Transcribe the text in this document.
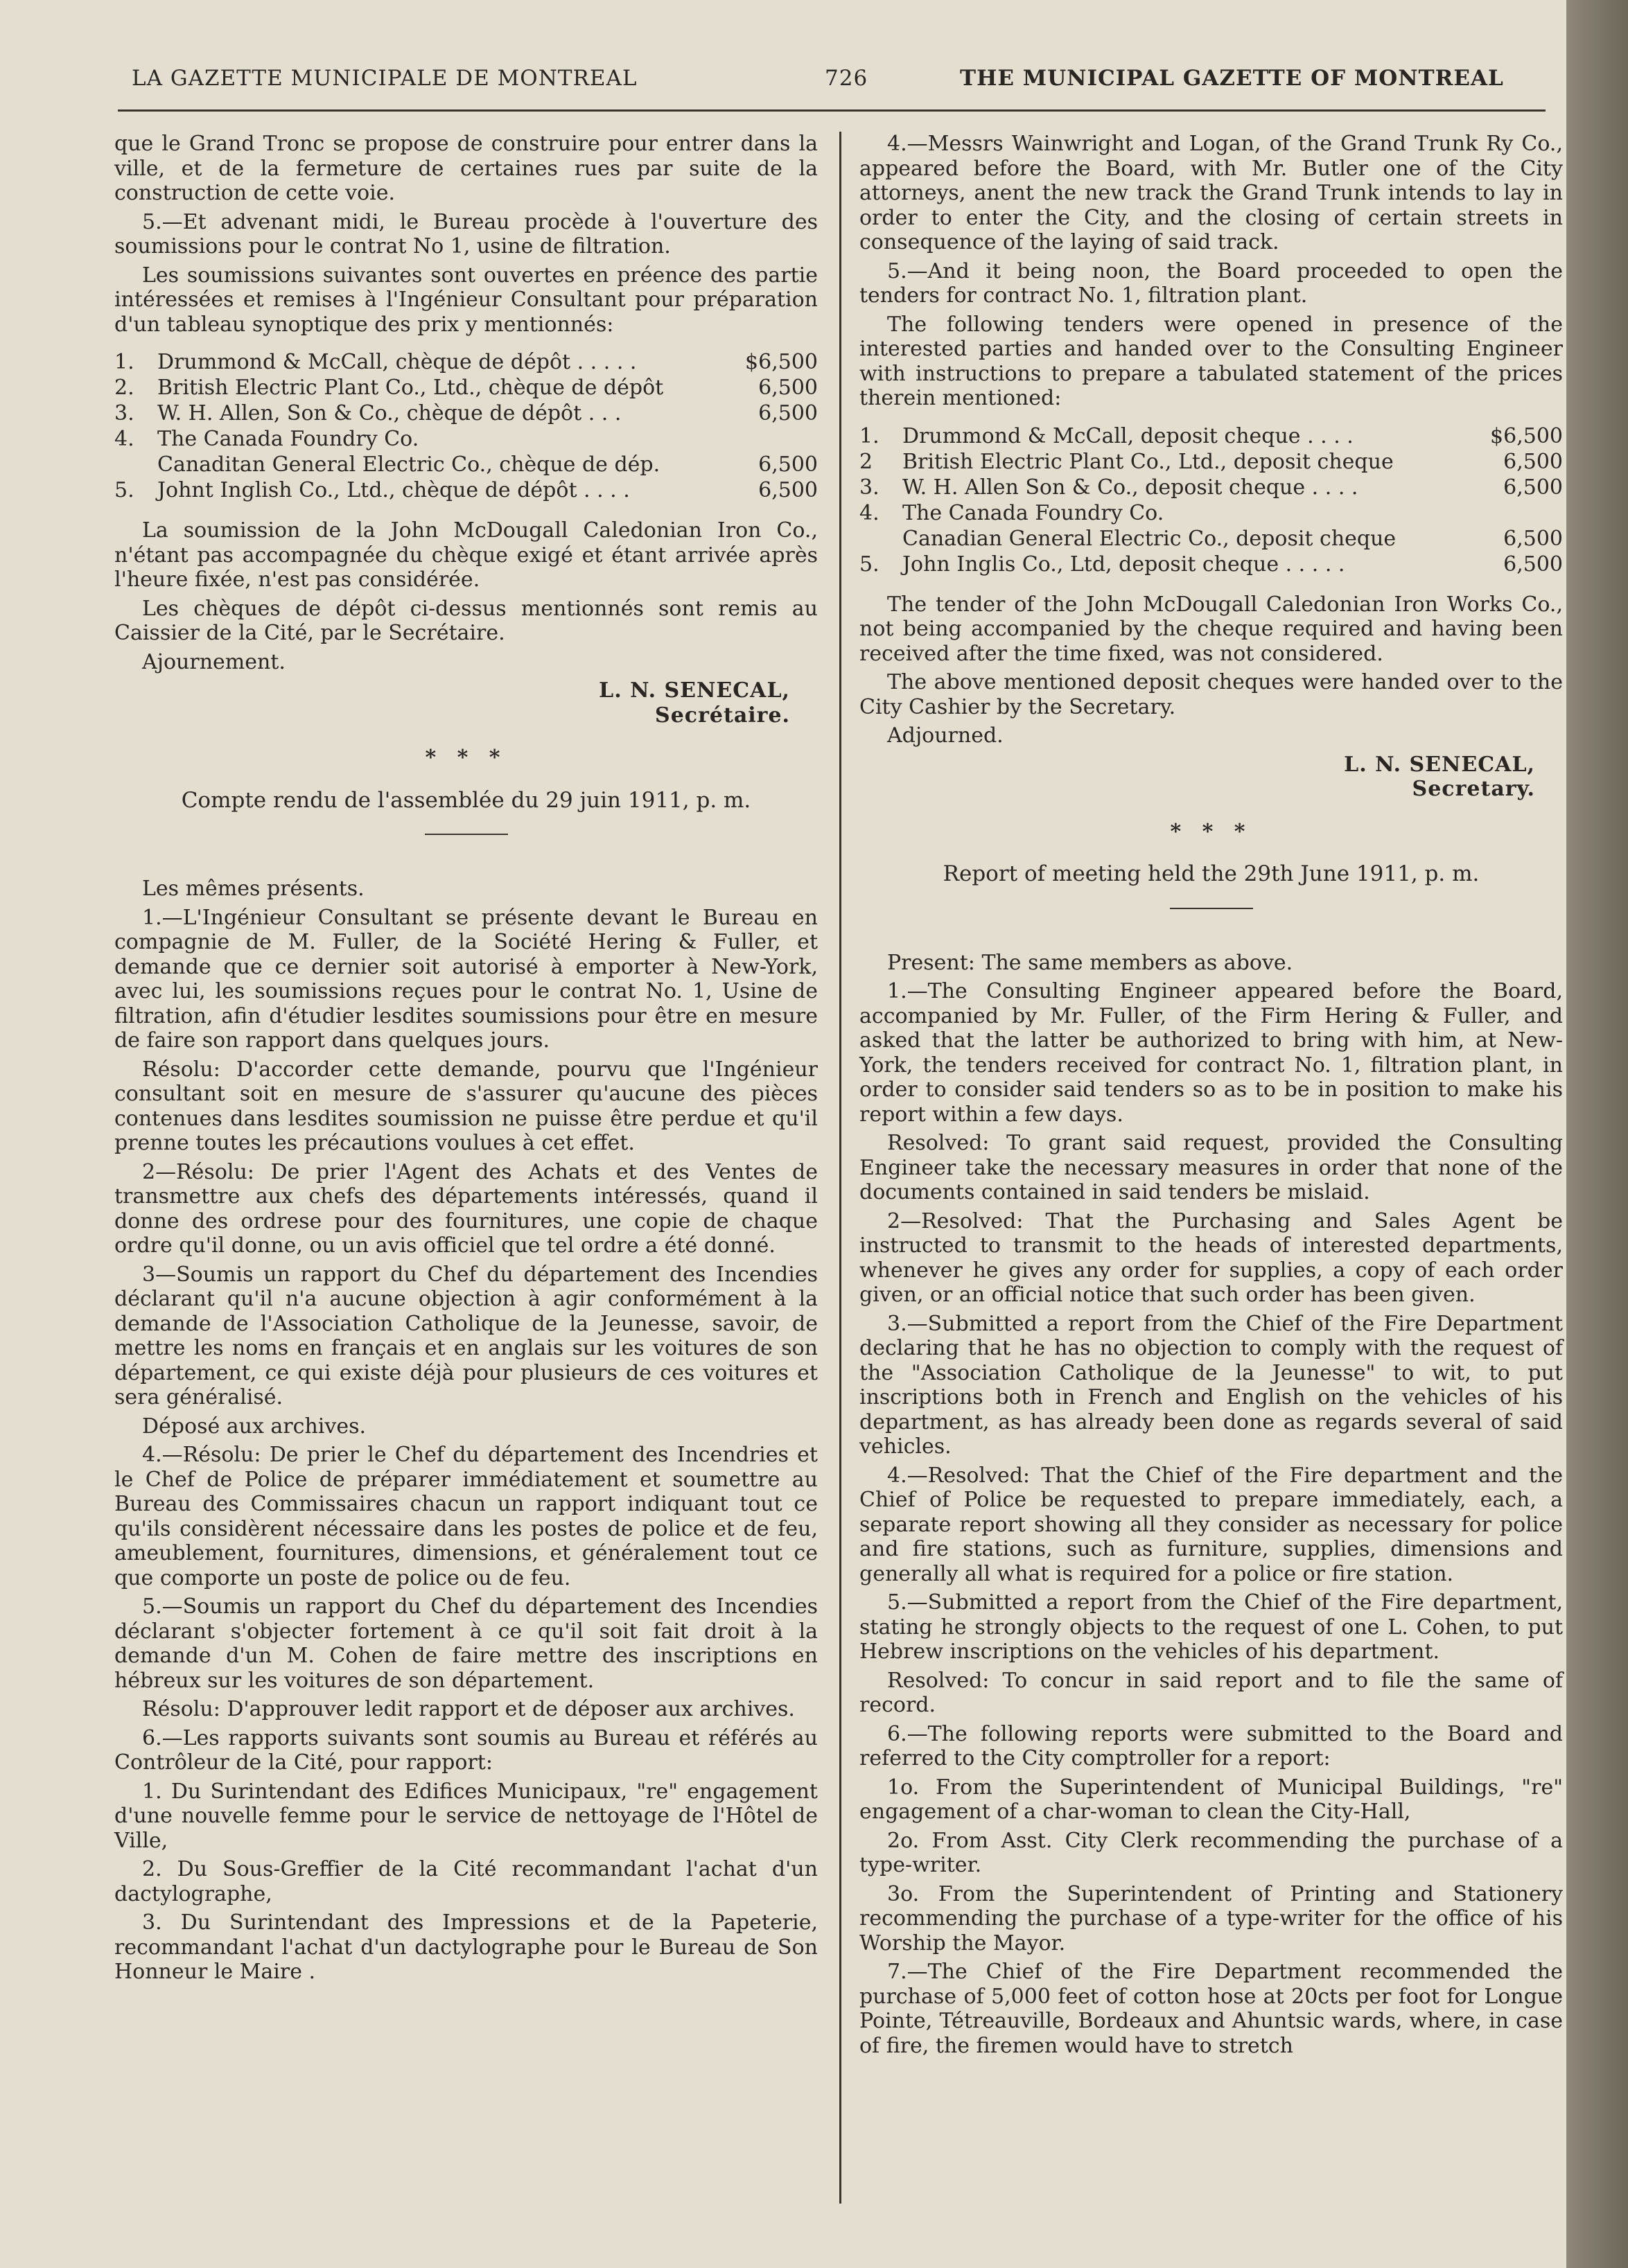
LA GAZETTE MUNICIPALE DE MONTREAL	726	THE MUNICIPAL GAZETTE OF MONTREAL

que le Grand Tronc se propose de construire pour entrer dans la ville, et de la fermeture de certaines rues par suite de la construction de cette voie.

5.—Et advenant midi, le Bureau procède à l'ouverture des soumissions pour le contrat No 1, usine de filtration.

Les soumissions suivantes sont ouvertes en préence des partie intéressées et remises à l'Ingénieur Consultant pour préparation d'un tableau synoptique des prix y mentionnés:

1.	Drummond & McCall, chèque de dépôt . . . . .	$6,500
2.	British Electric Plant Co., Ltd., chèque de dépôt	6,500
3.	W. H. Allen, Son & Co., chèque de dépôt . . .	6,500
4.	The Canada Foundry Co.
Canaditan General Electric Co., chèque de dép.	6,500
5.	Johnt Inglish Co., Ltd., chèque de dépôt . . . .	6,500

La soumission de la John McDougall Caledonian Iron Co., n'étant pas accompagnée du chèque exigé et étant arrivée après l'heure fixée, n'est pas considérée.

Les chèques de dépôt ci-dessus mentionnés sont remis au Caissier de la Cité, par le Secrétaire.

Ajournement.

L. N. SENECAL,
Secrétaire.
* * *
Compte rendu de l'assemblée du 29 juin 1911, p. m.

Les mêmes présents.

1.—L'Ingénieur Consultant se présente devant le Bureau en compagnie de M. Fuller, de la Société Hering & Fuller, et demande que ce dernier soit autorisé à emporter à New-York, avec lui, les soumissions reçues pour le contrat No. 1, Usine de filtration, afin d'étudier lesdites soumissions pour être en mesure de faire son rapport dans quelques jours.

Résolu: D'accorder cette demande, pourvu que l'Ingénieur consultant soit en mesure de s'assurer qu'aucune des pièces contenues dans lesdites soumission ne puisse être perdue et qu'il prenne toutes les précautions voulues à cet effet.

2—Résolu: De prier l'Agent des Achats et des Ventes de transmettre aux chefs des départements intéressés, quand il donne des ordrese pour des fournitures, une copie de chaque ordre qu'il donne, ou un avis officiel que tel ordre a été donné.

3—Soumis un rapport du Chef du département des Incendies déclarant qu'il n'a aucune objection à agir conformément à la demande de l'Association Catholique de la Jeunesse, savoir, de mettre les noms en français et en anglais sur les voitures de son département, ce qui existe déjà pour plusieurs de ces voitures et sera généralisé.

Déposé aux archives.

4.—Résolu: De prier le Chef du département des Incendries et le Chef de Police de préparer immédiatement et soumettre au Bureau des Commissaires chacun un rapport indiquant tout ce qu'ils considèrent nécessaire dans les postes de police et de feu, ameublement, fournitures, dimensions, et généralement tout ce que comporte un poste de police ou de feu.

5.—Soumis un rapport du Chef du département des Incendies déclarant s'objecter fortement à ce qu'il soit fait droit à la demande d'un M. Cohen de faire mettre des inscriptions en hébreux sur les voitures de son département.

Résolu: D'approuver ledit rapport et de déposer aux archives.

6.—Les rapports suivants sont soumis au Bureau et référés au Contrôleur de la Cité, pour rapport:

1. Du Surintendant des Edifices Municipaux, "re" engagement d'une nouvelle femme pour le service de nettoyage de l'Hôtel de Ville,

2. Du Sous-Greffier de la Cité recommandant l'achat d'un dactylographe,

3. Du Surintendant des Impressions et de la Papeterie, recommandant l'achat d'un dactylographe pour le Bureau de Son Honneur le Maire .

4.—Messrs Wainwright and Logan, of the Grand Trunk Ry Co., appeared before the Board, with Mr. Butler one of the City attorneys, anent the new track the Grand Trunk intends to lay in order to enter the City, and the closing of certain streets in consequence of the laying of said track.

5.—And it being noon, the Board proceeded to open the tenders for contract No. 1, filtration plant.

The following tenders were opened in presence of the interested parties and handed over to the Consulting Engineer with instructions to prepare a tabulated statement of the prices therein mentioned:

1.	Drummond & McCall, deposit cheque . . . .	$6,500
2	British Electric Plant Co., Ltd., deposit cheque	6,500
3.	W. H. Allen Son & Co., deposit cheque . . . .	6,500
4.	The Canada Foundry Co.
Canadian General Electric Co., deposit cheque	6,500
5.	John Inglis Co., Ltd, deposit cheque . . . . .	6,500

The tender of the John McDougall Caledonian Iron Works Co., not being accompanied by the cheque required and having been received after the time fixed, was not considered.

The above mentioned deposit cheques were handed over to the City Cashier by the Secretary.

Adjourned.

L. N. SENECAL,
Secretary.
* * *
Report of meeting held the 29th June 1911, p. m.

Present: The same members as above.

1.—The Consulting Engineer appeared before the Board, accompanied by Mr. Fuller, of the Firm Hering & Fuller, and asked that the latter be authorized to bring with him, at New-York, the tenders received for contract No. 1, filtration plant, in order to consider said tenders so as to be in position to make his report within a few days.

Resolved: To grant said request, provided the Consulting Engineer take the necessary measures in order that none of the documents contained in said tenders be mislaid.

2—Resolved: That the Purchasing and Sales Agent be instructed to transmit to the heads of interested departments, whenever he gives any order for supplies, a copy of each order given, or an official notice that such order has been given.

3.—Submitted a report from the Chief of the Fire Department declaring that he has no objection to comply with the request of the "Association Catholique de la Jeunesse" to wit, to put inscriptions both in French and English on the vehicles of his department, as has already been done as regards several of said vehicles.

4.—Resolved: That the Chief of the Fire department and the Chief of Police be requested to prepare immediately, each, a separate report showing all they consider as necessary for police and fire stations, such as furniture, supplies, dimensions and generally all what is required for a police or fire station.

5.—Submitted a report from the Chief of the Fire department, stating he strongly objects to the request of one L. Cohen, to put Hebrew inscriptions on the vehicles of his department.

Resolved: To concur in said report and to file the same of record.

6.—The following reports were submitted to the Board and referred to the City comptroller for a report:

1o. From the Superintendent of Municipal Buildings, "re" engagement of a char-woman to clean the City-Hall,

2o. From Asst. City Clerk recommending the purchase of a type-writer.

3o. From the Superintendent of Printing and Stationery recommending the purchase of a type-writer for the office of his Worship the Mayor.

7.—The Chief of the Fire Department recommended the purchase of 5,000 feet of cotton hose at 20cts per foot for Longue Pointe, Tétreauville, Bordeaux and Ahuntsic wards, where, in case of fire, the firemen would have to stretch
